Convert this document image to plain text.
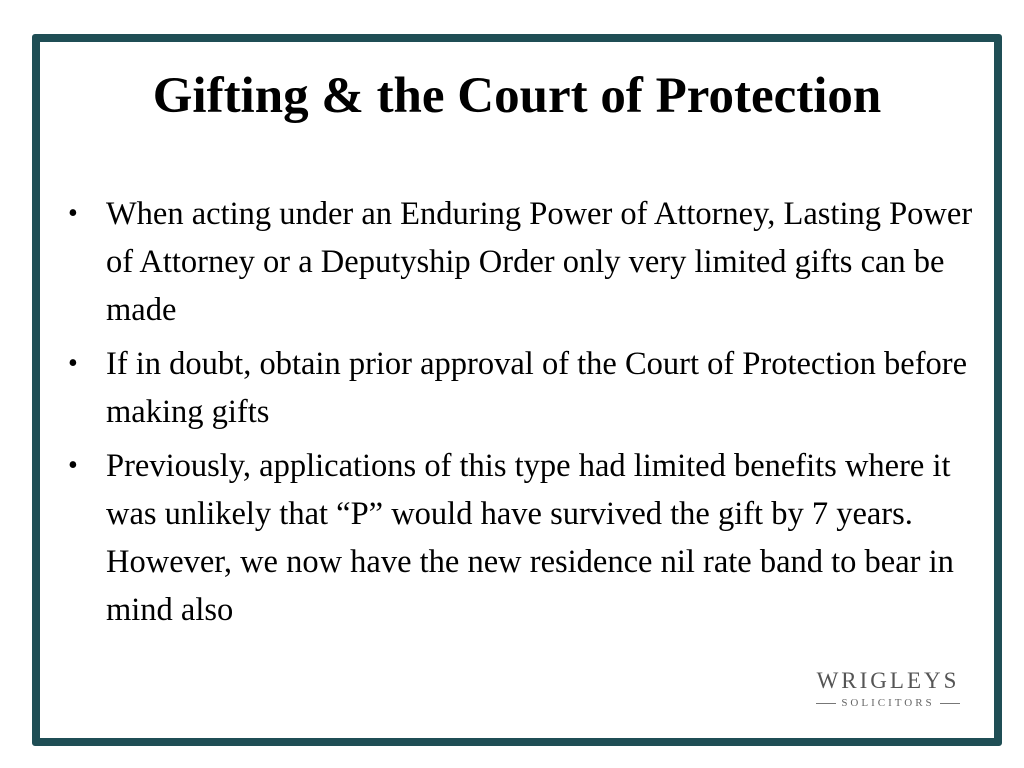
Gifting & the Court of Protection
• When acting under an Enduring Power of Attorney, Lasting Power of Attorney or a Deputyship Order only very limited gifts can be made
• If in doubt, obtain prior approval of the Court of Protection before making gifts
• Previously, applications of this type had limited benefits where it was unlikely that “P” would have survived the gift by 7 years. However, we now have the new residence nil rate band to bear in mind also
WRIGLEYS
SOLICITORS
